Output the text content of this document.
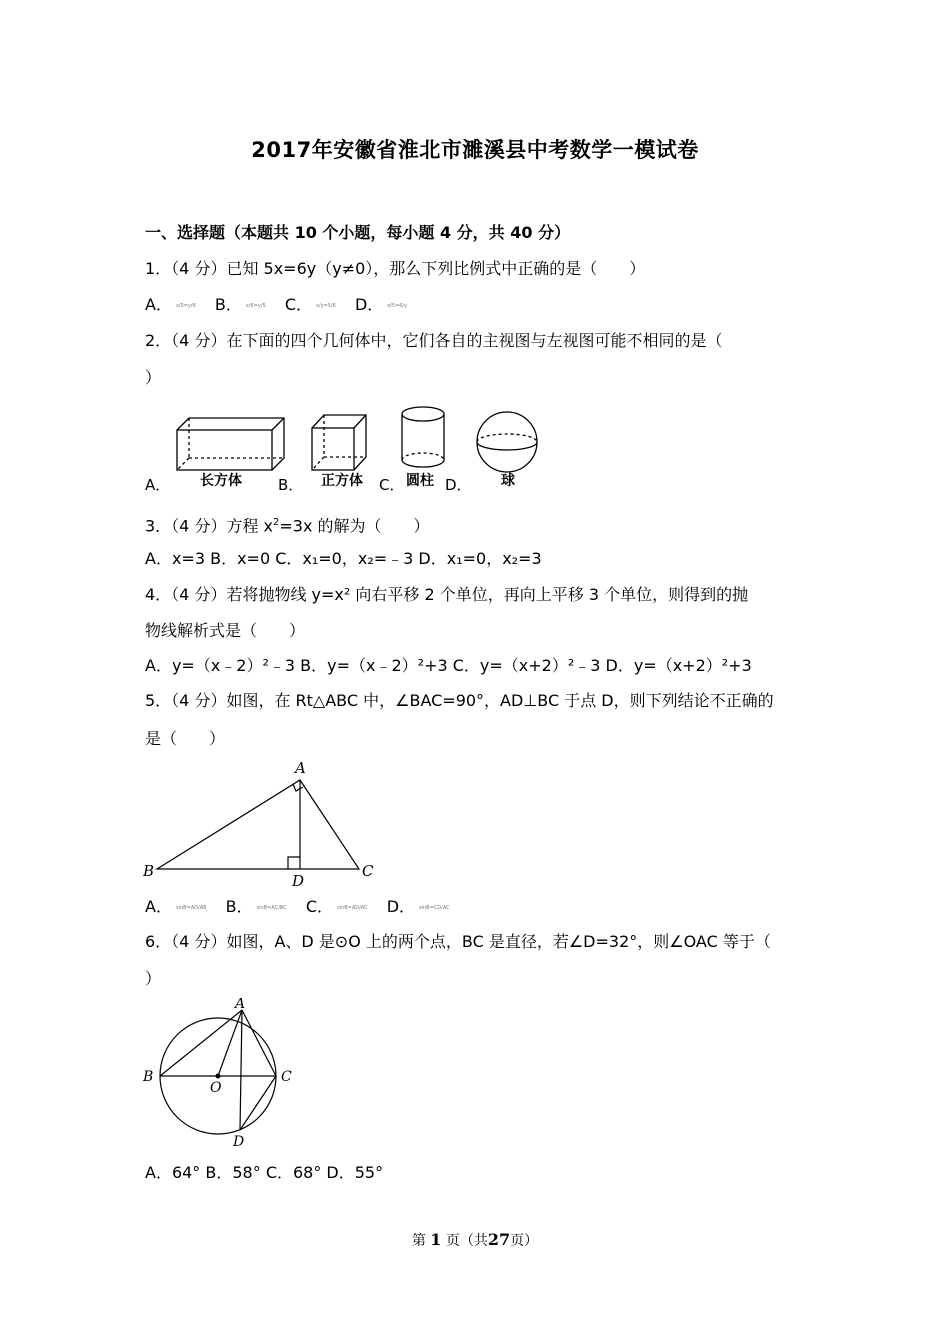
2017年安徽省淮北市濉溪县中考数学一模试卷
一、选择题（本题共 10 个小题，每小题 4 分，共 40 分）
1．（4 分）已知 5x=6y（y≠0），那么下列比例式中正确的是（　　）
A． x/5=y/6 B． x/6=y/5 C． x/y=5/6 D． x/5=6/y
2．（4 分）在下面的四个几何体中，它们各自的主视图与左视图可能不相同的是（
）
A． 长方体 B． 正方体 C． 圆柱 D． 球
3．（4 分）方程 $x^2=3x$ 的解为（　　）
A．x=3 B．x=0 C．x₁=0，x₂=﹣3 D．x₁=0，x₂=3
4．（4 分）若将抛物线 y=x² 向右平移 2 个单位，再向上平移 3 个单位，则得到的抛
物线解析式是（　　）
A．y=（x﹣2）²﹣3 B．y=（x﹣2）²+3 C．y=（x+2）²﹣3 D．y=（x+2）²+3
5．（4 分）如图，在 Rt△ABC 中，∠BAC=90°，AD⊥BC 于点 D，则下列结论不正确的
是（　　）
A
B	C
D
A． sinB=AD/AB B． sinB=AC/BC C． sinB=AD/AC D． sinB=CD/AC
6．（4 分）如图，A、D 是⊙O 上的两个点，BC 是直径，若∠D=32°，则∠OAC 等于（
）
A
B	C
D
O
A．64° B．58° C．68° D．55°
第 1 页（共27页）
